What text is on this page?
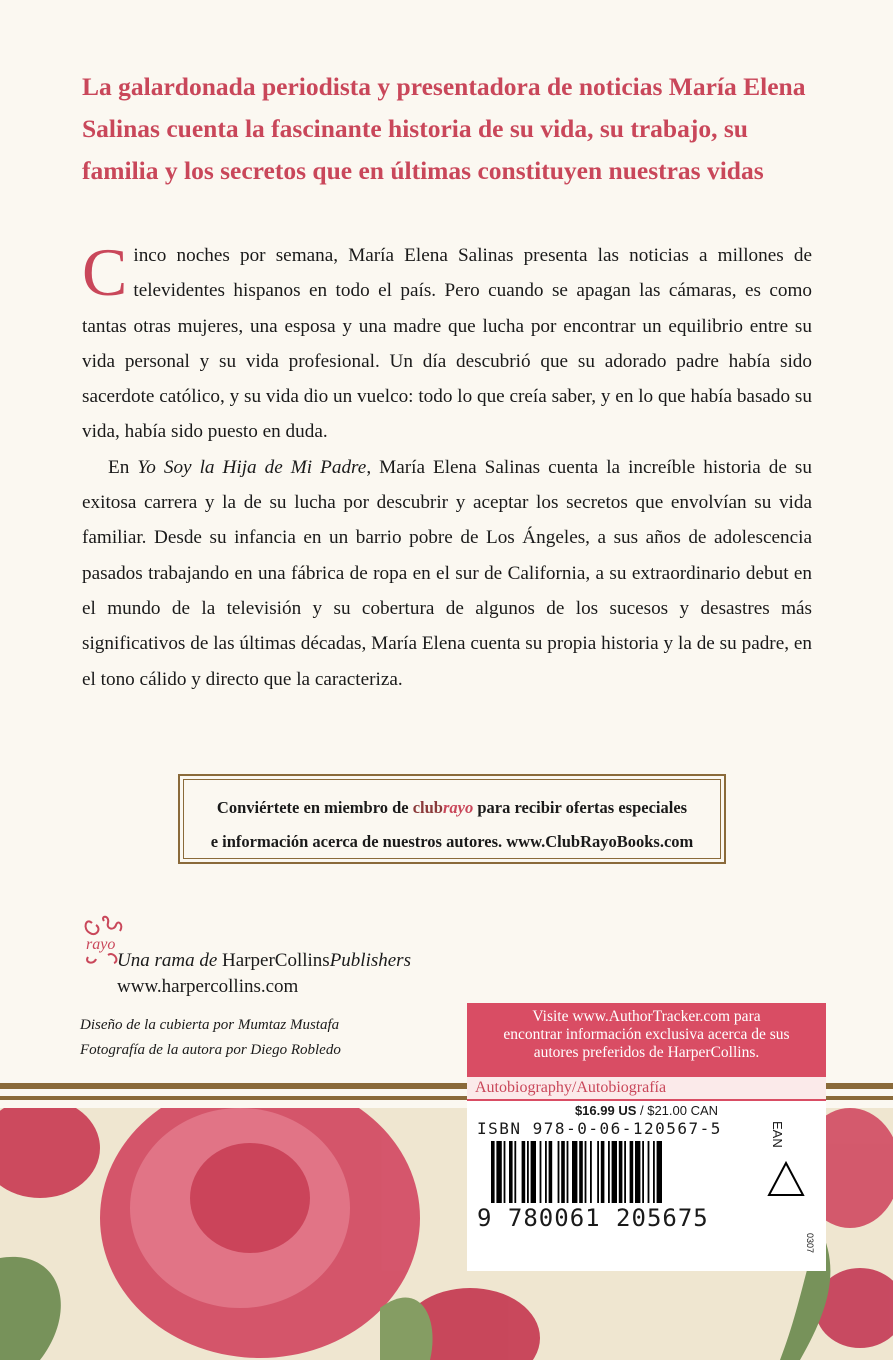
La galardonada periodista y presentadora de noticias María Elena Salinas cuenta la fascinante historia de su vida, su trabajo, su familia y los secretos que en últimas constituyen nuestras vidas

Cinco noches por semana, María Elena Salinas presenta las noticias a millones de televidentes hispanos en todo el país. Pero cuando se apagan las cámaras, es como tantas otras mujeres, una esposa y una madre que lucha por encontrar un equilibrio entre su vida personal y su vida profesional. Un día descubrió que su adorado padre había sido sacerdote católico, y su vida dio un vuelco: todo lo que creía saber, y en lo que había basado su vida, había sido puesto en duda.

En Yo Soy la Hija de Mi Padre, María Elena Salinas cuenta la increíble historia de su exitosa carrera y la de su lucha por descubrir y aceptar los secretos que envolvían su vida familiar. Desde su infancia en un barrio pobre de Los Ángeles, a sus años de adolescencia pasados trabajando en una fábrica de ropa en el sur de California, a su extraordinario debut en el mundo de la televisión y su cobertura de algunos de los sucesos y desastres más significativos de las últimas décadas, María Elena cuenta su propia historia y la de su padre, en el tono cálido y directo que la caracteriza.

Conviértete en miembro de clubrayo para recibir ofertas especiales
e información acerca de nuestros autores. www.ClubRayoBooks.com
rayo
Una rama de HarperCollinsPublishers
www.harpercollins.com
Diseño de la cubierta por Mumtaz Mustafa
Fotografía de la autora por Diego Robledo
Visite www.AuthorTracker.com para
encontrar información exclusiva acerca de sus
autores preferidos de HarperCollins.
Autobiography/Autobiografía
$16.99 US / $21.00 CAN
ISBN 978-0-06-120567-5	EAN
9 780061 205675
0307
